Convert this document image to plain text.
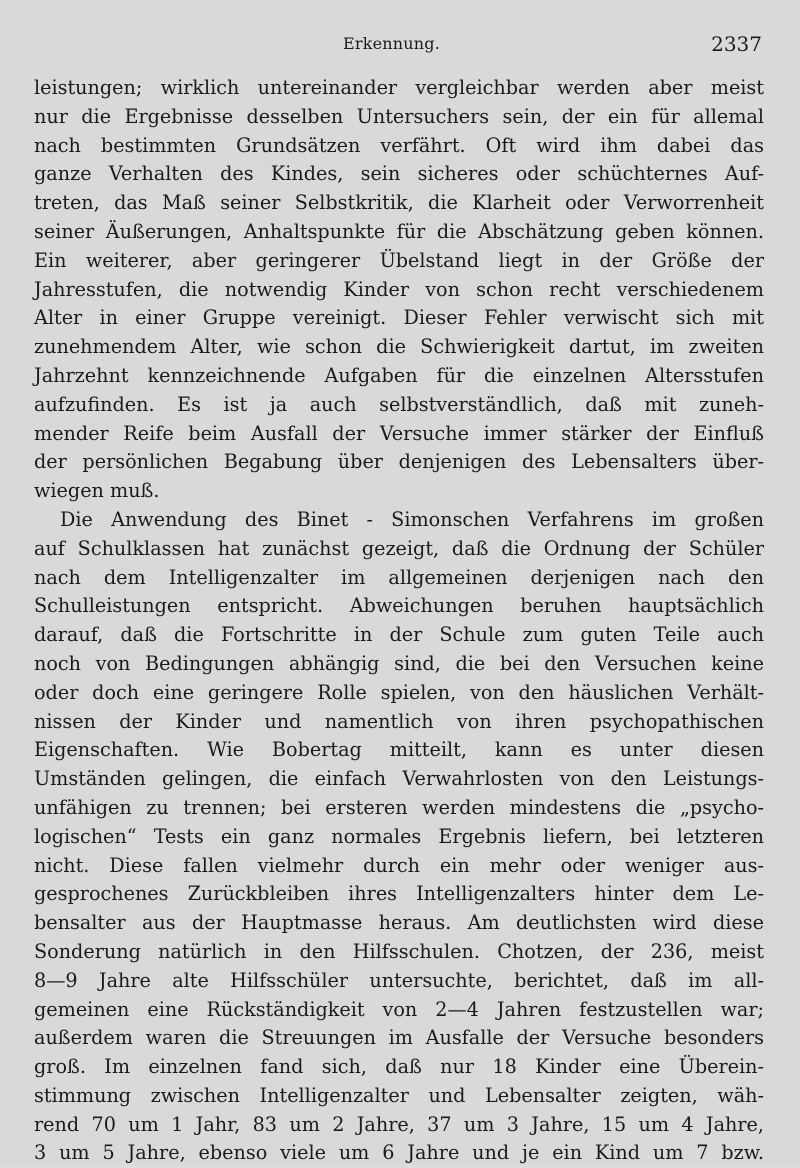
Erkennung.	2337
leistungen; wirklich untereinander vergleichbar werden aber meist
nur die Ergebnisse desselben Untersuchers sein, der ein für allemal
nach bestimmten Grundsätzen verfährt. Oft wird ihm dabei das
ganze Verhalten des Kindes, sein sicheres oder schüchternes Auf-
treten, das Maß seiner Selbstkritik, die Klarheit oder Verworrenheit
seiner Äußerungen, Anhaltspunkte für die Abschätzung geben können.
Ein weiterer, aber geringerer Übelstand liegt in der Größe der
Jahresstufen, die notwendig Kinder von schon recht verschiedenem
Alter in einer Gruppe vereinigt. Dieser Fehler verwischt sich mit
zunehmendem Alter, wie schon die Schwierigkeit dartut, im zweiten
Jahrzehnt kennzeichnende Aufgaben für die einzelnen Altersstufen
aufzufinden. Es ist ja auch selbstverständlich, daß mit zuneh-
mender Reife beim Ausfall der Versuche immer stärker der Einfluß
der persönlichen Begabung über denjenigen des Lebensalters über-
wiegen muß.
Die Anwendung des Binet - Simonschen Verfahrens im großen
auf Schulklassen hat zunächst gezeigt, daß die Ordnung der Schüler
nach dem Intelligenzalter im allgemeinen derjenigen nach den
Schulleistungen entspricht. Abweichungen beruhen hauptsächlich
darauf, daß die Fortschritte in der Schule zum guten Teile auch
noch von Bedingungen abhängig sind, die bei den Versuchen keine
oder doch eine geringere Rolle spielen, von den häuslichen Verhält-
nissen der Kinder und namentlich von ihren psychopathischen
Eigenschaften. Wie Bobertag mitteilt, kann es unter diesen
Umständen gelingen, die einfach Verwahrlosten von den Leistungs-
unfähigen zu trennen; bei ersteren werden mindestens die „psycho-
logischen“ Tests ein ganz normales Ergebnis liefern, bei letzteren
nicht. Diese fallen vielmehr durch ein mehr oder weniger aus-
gesprochenes Zurückbleiben ihres Intelligenzalters hinter dem Le-
bensalter aus der Hauptmasse heraus. Am deutlichsten wird diese
Sonderung natürlich in den Hilfsschulen. Chotzen, der 236, meist
8—9 Jahre alte Hilfsschüler untersuchte, berichtet, daß im all-
gemeinen eine Rückständigkeit von 2—4 Jahren festzustellen war;
außerdem waren die Streuungen im Ausfalle der Versuche besonders
groß. Im einzelnen fand sich, daß nur 18 Kinder eine Überein-
stimmung zwischen Intelligenzalter und Lebensalter zeigten, wäh-
rend 70 um 1 Jahr, 83 um 2 Jahre, 37 um 3 Jahre, 15 um 4 Jahre,
3 um 5 Jahre, ebenso viele um 6 Jahre und je ein Kind um 7 bzw.
